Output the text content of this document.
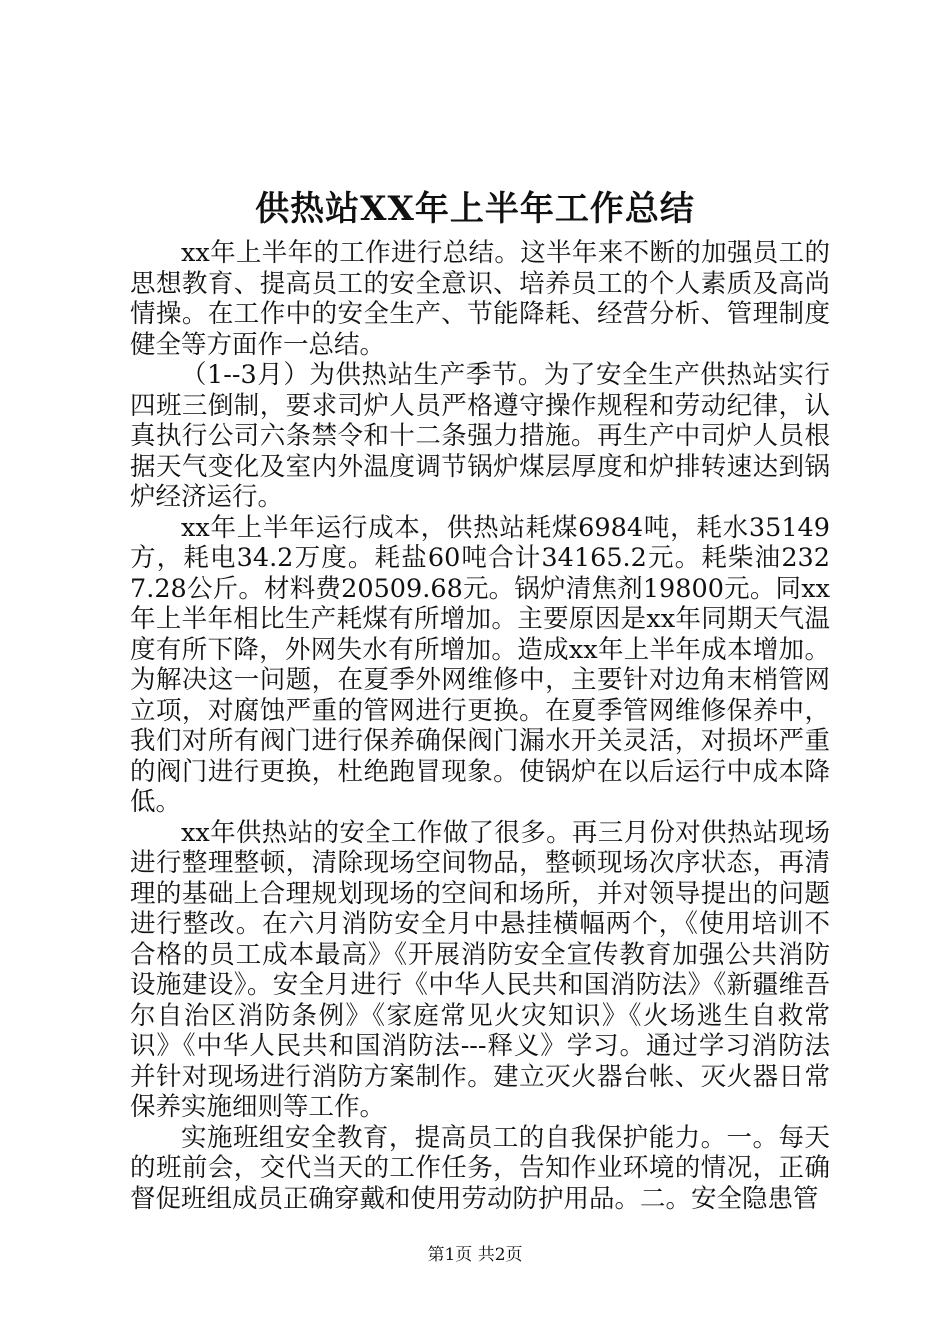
供热站XX年上半年工作总结

xx年上半年的工作进行总结。这半年来不断的加强员工的思想教育、提高员工的安全意识、培养员工的个人素质及高尚情操。在工作中的安全生产、节能降耗、经营分析、管理制度健全等方面作一总结。

（1--3月）为供热站生产季节。为了安全生产供热站实行四班三倒制，要求司炉人员严格遵守操作规程和劳动纪律，认真执行公司六条禁令和十二条强力措施。再生产中司炉人员根据天气变化及室内外温度调节锅炉煤层厚度和炉排转速达到锅炉经济运行。

xx年上半年运行成本，供热站耗煤6984吨，耗水35149方，耗电34.2万度。耗盐60吨合计34165.2元。耗柴油2327.28公斤。材料费20509.68元。锅炉清焦剂19800元。同xx年上半年相比生产耗煤有所增加。主要原因是xx年同期天气温度有所下降，外网失水有所增加。造成xx年上半年成本增加。为解决这一问题，在夏季外网维修中，主要针对边角末梢管网立项，对腐蚀严重的管网进行更换。在夏季管网维修保养中，我们对所有阀门进行保养确保阀门漏水开关灵活，对损坏严重的阀门进行更换，杜绝跑冒现象。使锅炉在以后运行中成本降低。

xx年供热站的安全工作做了很多。再三月份对供热站现场进行整理整顿，清除现场空间物品，整顿现场次序状态，再清理的基础上合理规划现场的空间和场所，并对领导提出的问题进行整改。在六月消防安全月中悬挂横幅两个，《使用培训不合格的员工成本最高》《开展消防安全宣传教育加强公共消防设施建设》。安全月进行《中华人民共和国消防法》《新疆维吾尔自治区消防条例》《家庭常见火灾知识》《火场逃生自救常识》《中华人民共和国消防法---释义》学习。通过学习消防法并针对现场进行消防方案制作。建立灭火器台帐、灭火器日常保养实施细则等工作。

实施班组安全教育，提高员工的自我保护能力。一。每天的班前会，交代当天的工作任务，告知作业环境的情况，正确督促班组成员正确穿戴和使用劳动防护用品。二。安全隐患管

第1页 共2页
